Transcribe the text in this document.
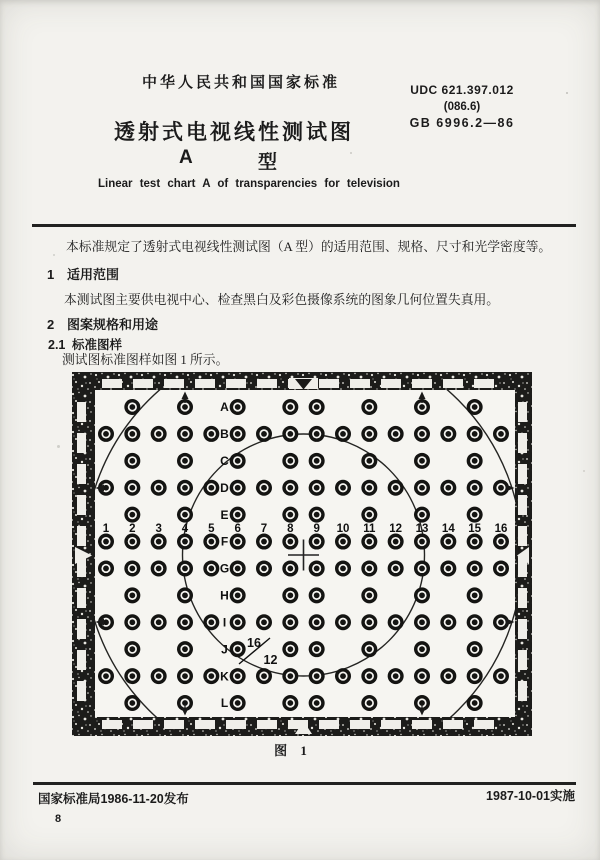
中华人民共和国国家标准	UDC 621.397.012
(086.6)
GB 6996.2—86
透射式电视线性测试图
A	型
Linear test chart A of transparencies for television

本标准规定了透射式电视线性测试图（A 型）的适用范围、规格、尺寸和光学密度等。

1 适用范围

本测试图主要供电视中心、检查黑白及彩色摄像系统的图象几何位置失真用。

2 图案规格和用途
2.1 标准图样

测试图标准图样如图 1 所示。

A
B
C
D
E
F
G
H
I
J
K
L
1 2 3 4 5 6 7 8 9 10 11 12 13 14 15 16
16
12
图 1
国家标准局1986-11-20发布	1987-10-01实施
8
